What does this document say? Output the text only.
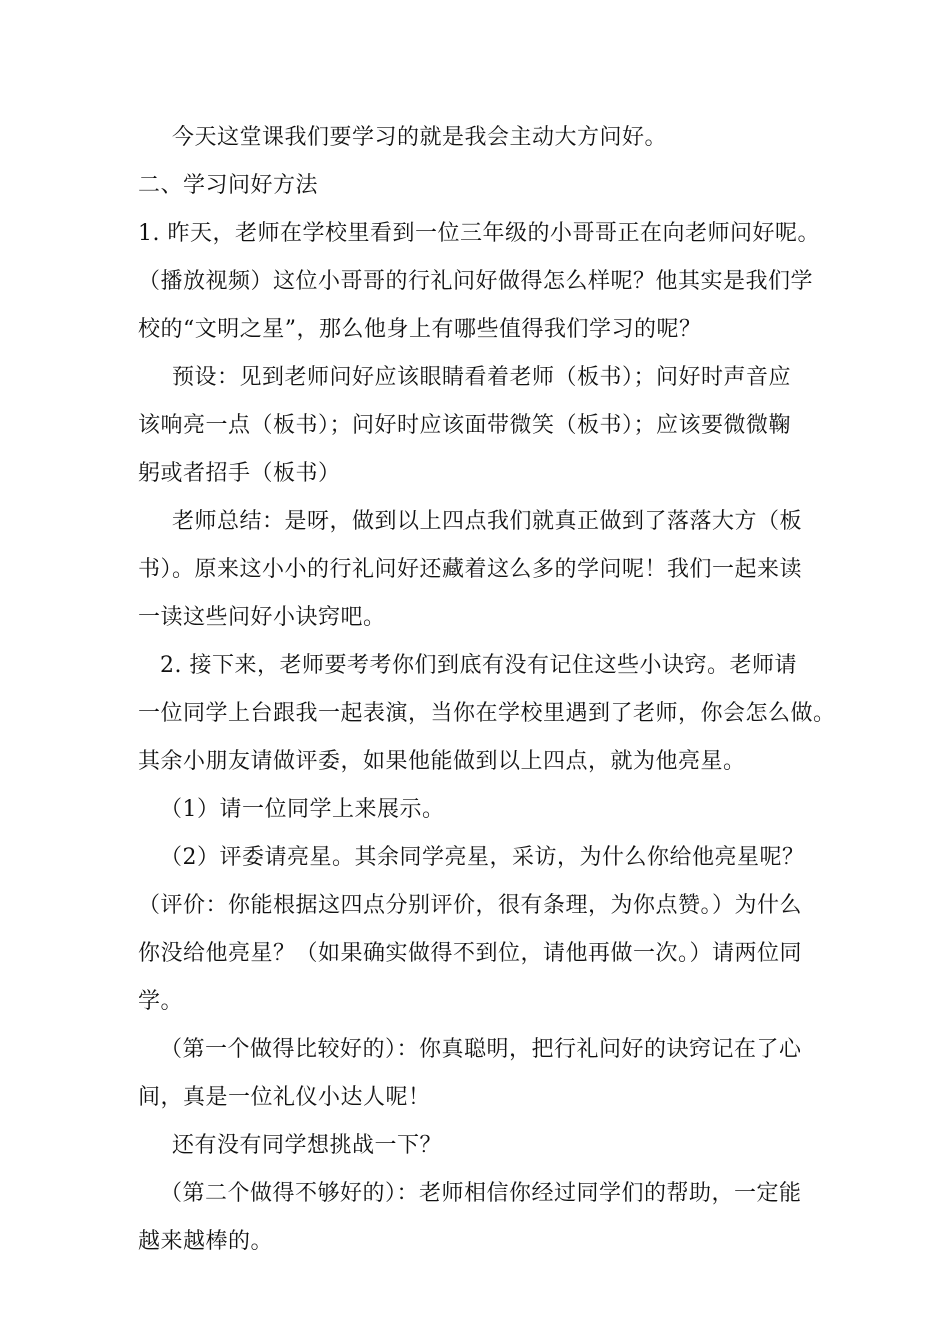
今天这堂课我们要学习的就是我会主动大方问好。
二、学习问好方法
1. 昨天，老师在学校里看到一位三年级的小哥哥正在向老师问好呢。
（播放视频）这位小哥哥的行礼问好做得怎么样呢？他其实是我们学
校的“文明之星”，那么他身上有哪些值得我们学习的呢？
预设：见到老师问好应该眼睛看着老师（板书）；问好时声音应
该响亮一点（板书）；问好时应该面带微笑（板书）；应该要微微鞠
躬或者招手（板书）
老师总结：是呀，做到以上四点我们就真正做到了落落大方（板
书）。原来这小小的行礼问好还藏着这么多的学问呢！我们一起来读
一读这些问好小诀窍吧。
2. 接下来，老师要考考你们到底有没有记住这些小诀窍。老师请
一位同学上台跟我一起表演，当你在学校里遇到了老师，你会怎么做。
其余小朋友请做评委，如果他能做到以上四点，就为他亮星。
（1）请一位同学上来展示。
（2）评委请亮星。其余同学亮星，采访，为什么你给他亮星呢？
（评价：你能根据这四点分别评价，很有条理，为你点赞。）为什么
你没给他亮星？（如果确实做得不到位，请他再做一次。）请两位同
学。
（第一个做得比较好的）：你真聪明，把行礼问好的诀窍记在了心
间，真是一位礼仪小达人呢！
还有没有同学想挑战一下？
（第二个做得不够好的）：老师相信你经过同学们的帮助，一定能
越来越棒的。
